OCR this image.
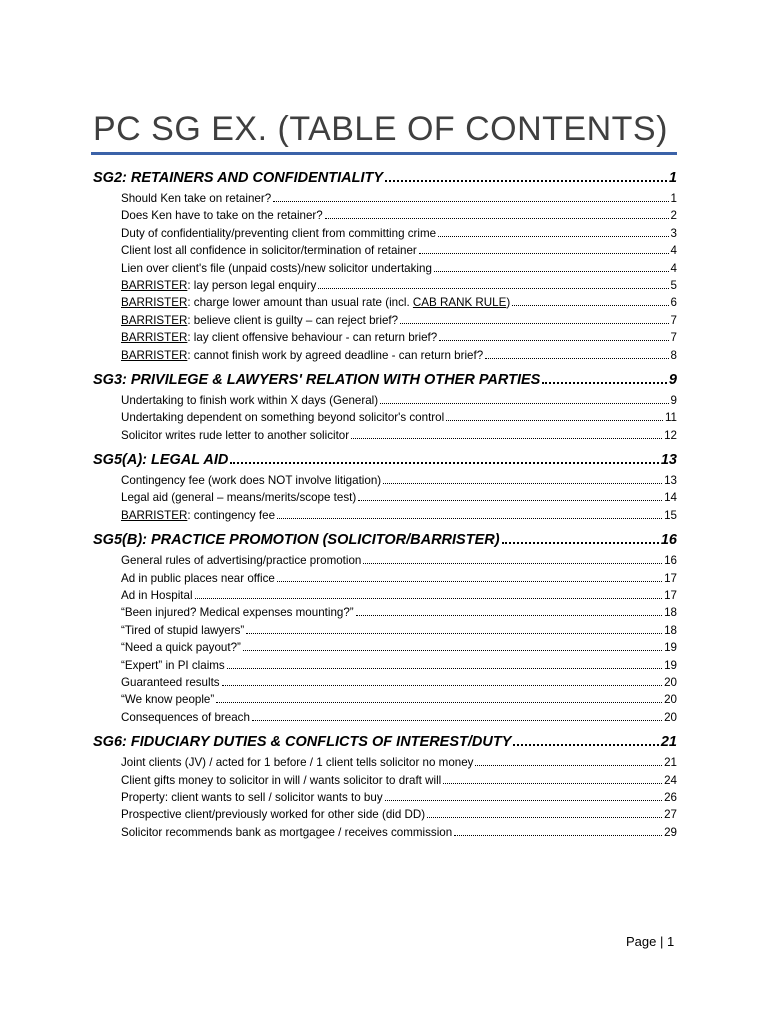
PC SG EX. (TABLE OF CONTENTS)
SG2: RETAINERS AND CONFIDENTIALITY	1
Should Ken take on retainer?	1
Does Ken have to take on the retainer?	2
Duty of confidentiality/preventing client from committing crime	3
Client lost all confidence in solicitor/termination of retainer	4
Lien over client's file (unpaid costs)/new solicitor undertaking	4
BARRISTER: lay person legal enquiry	5
BARRISTER: charge lower amount than usual rate (incl. CAB RANK RULE)	6
BARRISTER: believe client is guilty – can reject brief?	7
BARRISTER: lay client offensive behaviour - can return brief?	7
BARRISTER: cannot finish work by agreed deadline - can return brief?	8
SG3: PRIVILEGE & LAWYERS' RELATION WITH OTHER PARTIES	9
Undertaking to finish work within X days (General)	9
Undertaking dependent on something beyond solicitor's control	11
Solicitor writes rude letter to another solicitor	12
SG5(A): LEGAL AID	13
Contingency fee (work does NOT involve litigation)	13
Legal aid (general – means/merits/scope test)	14
BARRISTER: contingency fee	15
SG5(B): PRACTICE PROMOTION (SOLICITOR/BARRISTER)	16
General rules of advertising/practice promotion	16
Ad in public places near office	17
Ad in Hospital	17
“Been injured? Medical expenses mounting?”	18
“Tired of stupid lawyers”	18
“Need a quick payout?”	19
“Expert” in PI claims	19
Guaranteed results	20
“We know people”	20
Consequences of breach	20
SG6: FIDUCIARY DUTIES & CONFLICTS OF INTEREST/DUTY	21
Joint clients (JV) / acted for 1 before / 1 client tells solicitor no money	21
Client gifts money to solicitor in will / wants solicitor to draft will	24
Property: client wants to sell / solicitor wants to buy	26
Prospective client/previously worked for other side (did DD)	27
Solicitor recommends bank as mortgagee / receives commission	29
Page | 1
